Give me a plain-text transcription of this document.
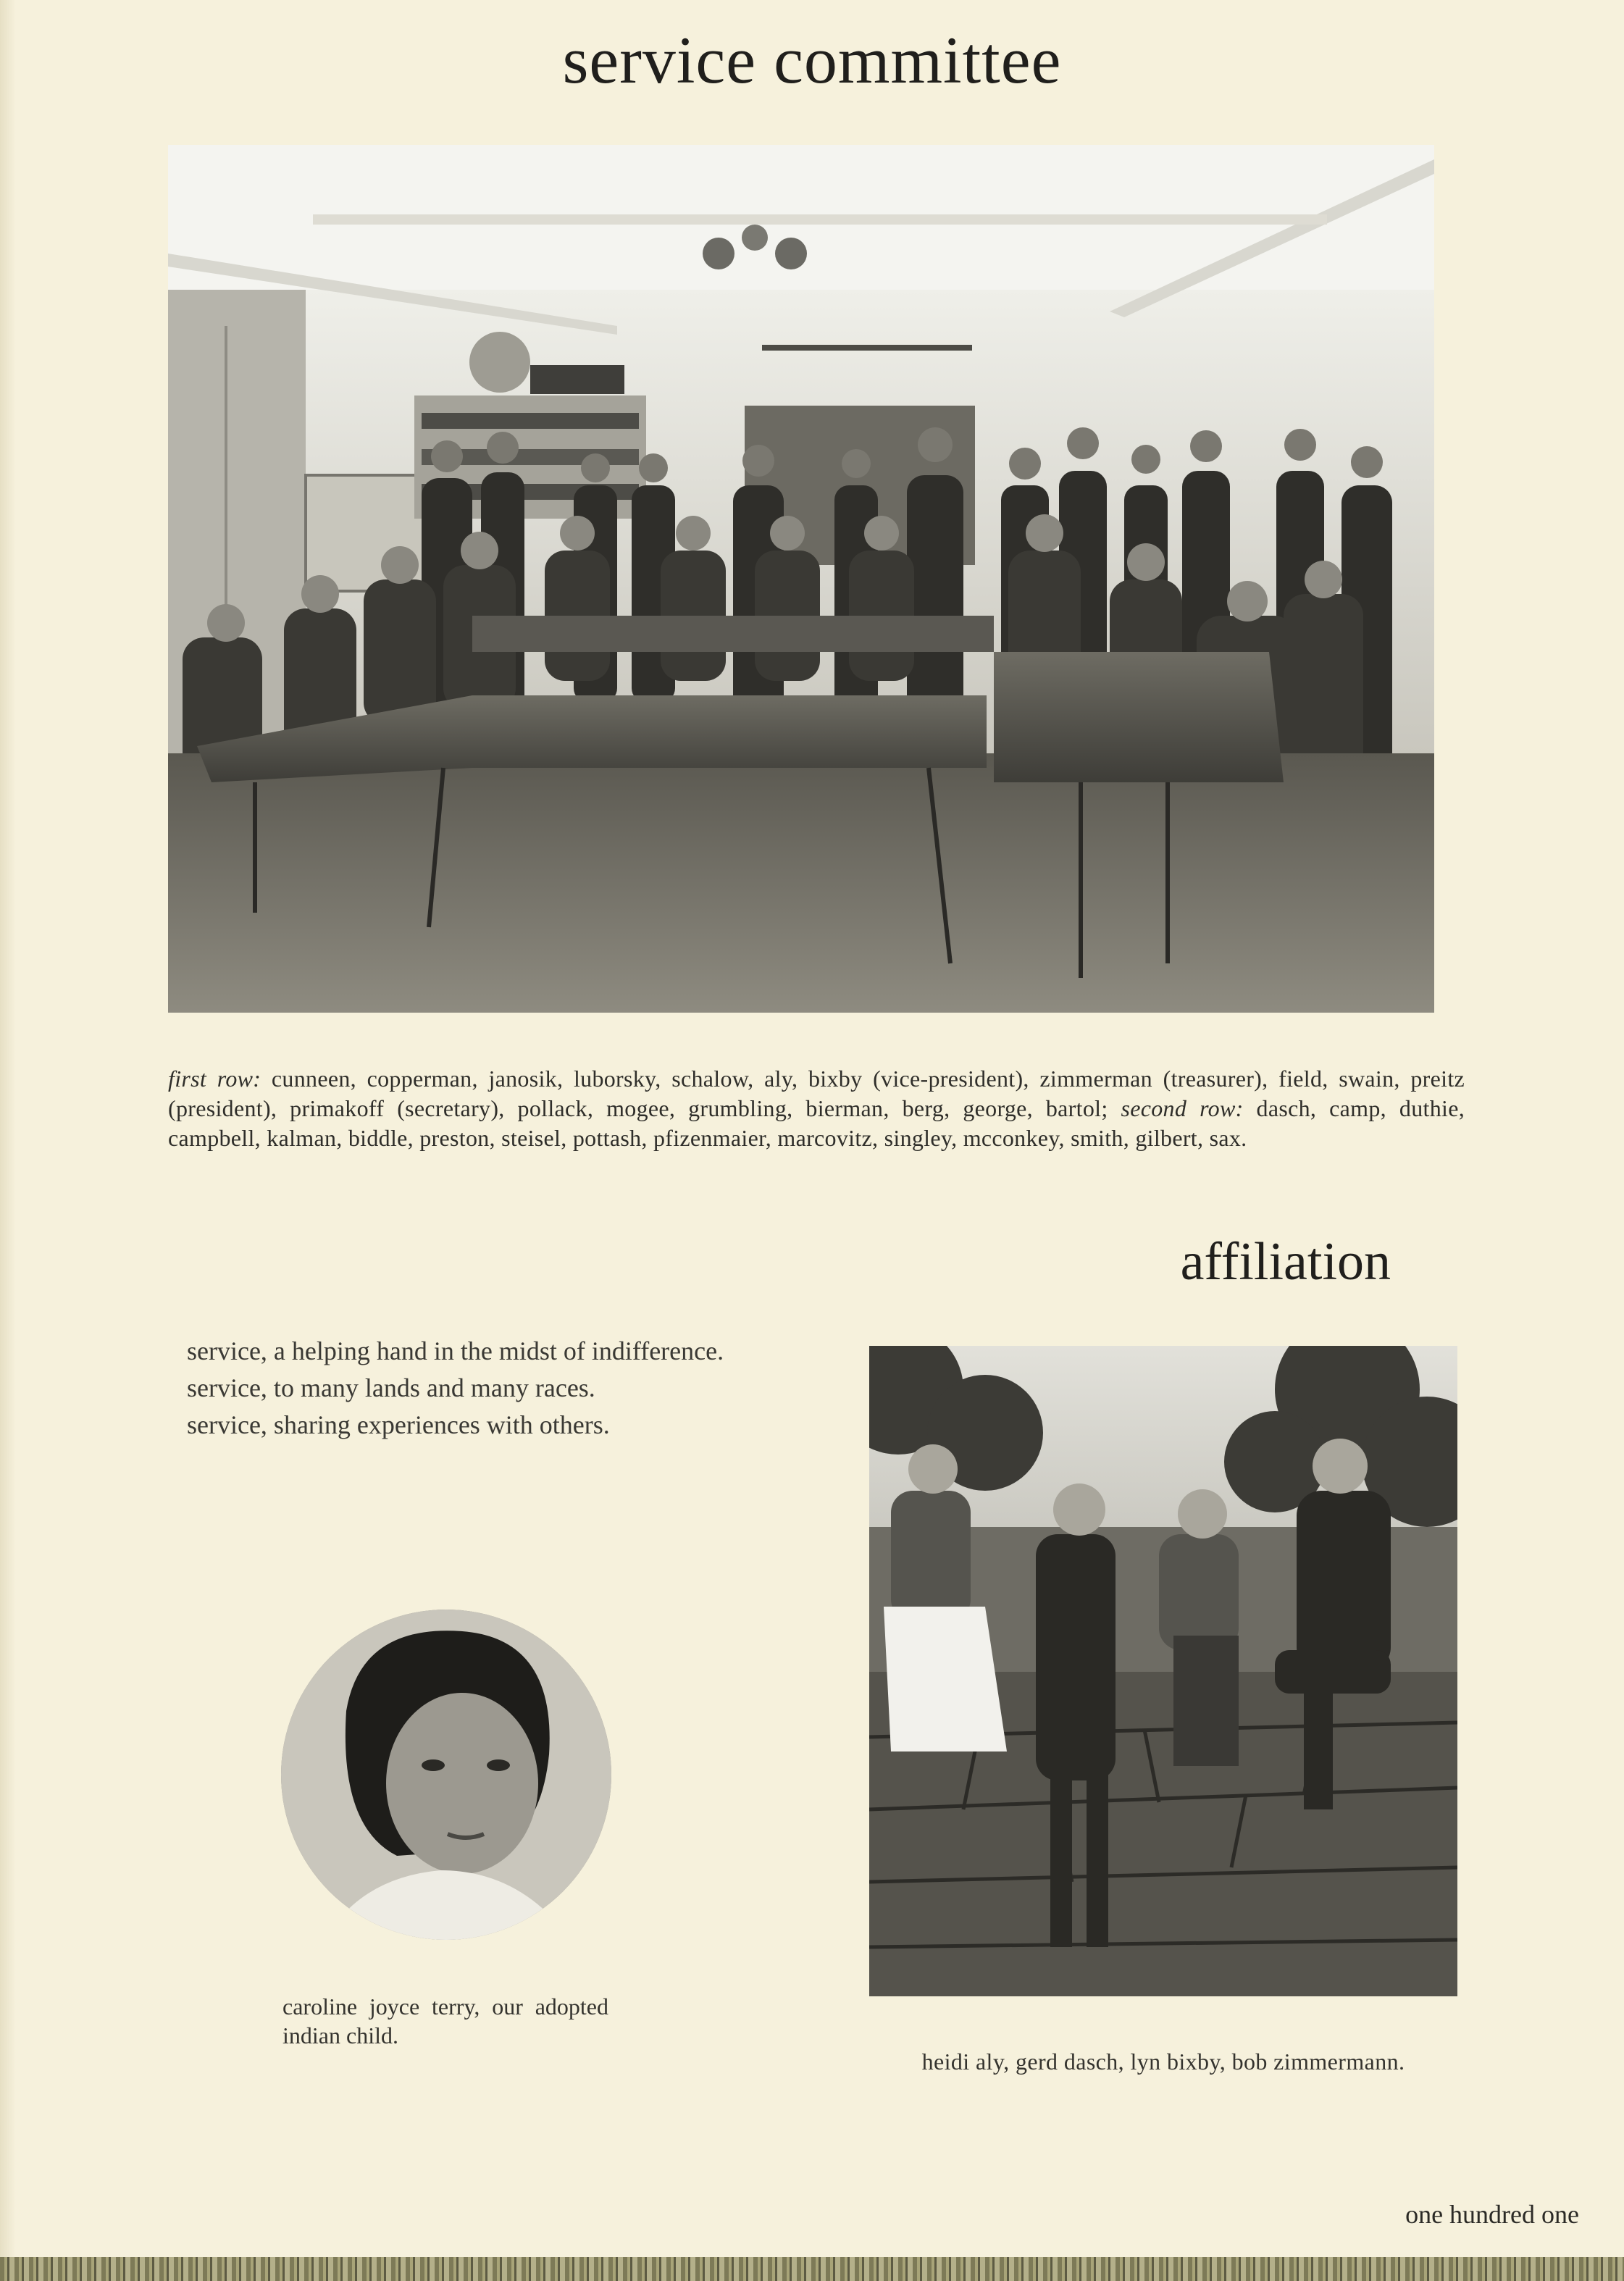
service committee

first row: cunneen, copperman, janosik, luborsky, schalow, aly, bixby (vice-president), zimmerman (treasurer), field, swain, preitz (president), primakoff (secretary), pollack, mogee, grumbling, bierman, berg, george, bartol; second row: dasch, camp, duthie, campbell, kalman, biddle, preston, steisel, pottash, pfizenmaier, marcovitz, singley, mcconkey, smith, gilbert, sax.

affiliation

service, a helping hand in the midst of indifference.

service, to many lands and many races.

service, sharing experiences with others.

caroline joyce terry, our adopted indian child.

heidi aly, gerd dasch, lyn bixby, bob zimmermann.

one hundred one
